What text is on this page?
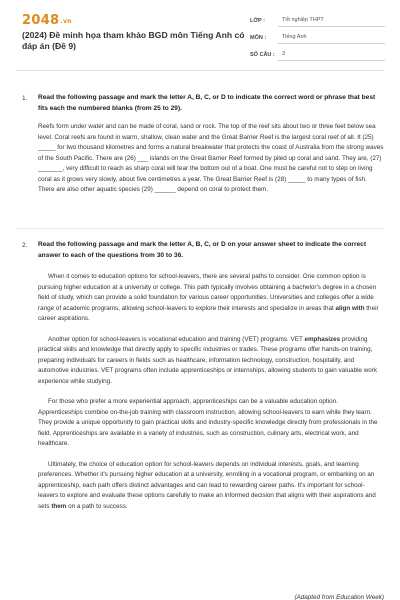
2048.vn
(2024) Đề minh họa tham khảo BGD môn Tiếng Anh có đáp án (Đề 9)
LỚP :	Tốt nghiệp THPT
MÔN :	Tiếng Anh
SỐ CÂU :	3
1. Read the following passage and mark the letter A, B, C, or D to indicate the correct word or phrase that best fits each the numbered blanks (from 25 to 29).

Reefs form under water and can be made of coral, sand or rock. The top of the reef sits about two or three feet below sea level. Coral reefs are found in warm, shallow, clean water and the Great Barrier Reef is the largest coral reef of all. It (25) _____ for two thousand kilometres and forms a natural breakwater that protects the coast of Australia from the strong waves of the South Pacific. There are (26) ___ islands on the Great Barrier Reef formed by piled up coral and sand. They are, (27) _______, very difficult to reach as sharp coral will tear the bottom out of a boat. One must be careful not to step on living coral as it grows very slowly, about five centimetres a year. The Great Barrier Reef is (28) _____ to many types of fish. There are also other aquatic species (29) ______ depend on coral to protect them.

2. Read the following passage and mark the letter A, B, C, or D on your answer sheet to indicate the correct answer to each of the questions from 30 to 36.

When it comes to education options for school-leavers, there are several paths to consider. One common option is pursuing higher education at a university or college. This path typically involves obtaining a bachelor's degree in a chosen field of study, which can provide a solid foundation for various career opportunities. Universities and colleges offer a wide range of academic programs, allowing school-leavers to explore their interests and specialize in areas that align with their career aspirations.

Another option for school-leavers is vocational education and training (VET) programs. VET emphasizes providing practical skills and knowledge that directly apply to specific industries or trades. These programs offer hands-on training, preparing individuals for careers in fields such as healthcare, information technology, construction, hospitality, and automotive industries. VET programs often include apprenticeships or internships, allowing students to gain valuable work experience while studying.

For those who prefer a more experiential approach, apprenticeships can be a valuable education option. Apprenticeships combine on-the-job training with classroom instruction, allowing school-leavers to earn while they learn. They provide a unique opportunity to gain practical skills and industry-specific knowledge directly from professionals in the field. Apprenticeships are available in a variety of industries, such as construction, culinary arts, electrical work, and healthcare.

Ultimately, the choice of education option for school-leavers depends on individual interests, goals, and learning preferences. Whether it's pursuing higher education at a university, enrolling in a vocational program, or embarking on an apprenticeship, each path offers distinct advantages and can lead to rewarding career paths. It's important for school-leavers to explore and evaluate these options carefully to make an informed decision that aligns with their aspirations and sets them on a path to success.

(Adapted from Education Week)
